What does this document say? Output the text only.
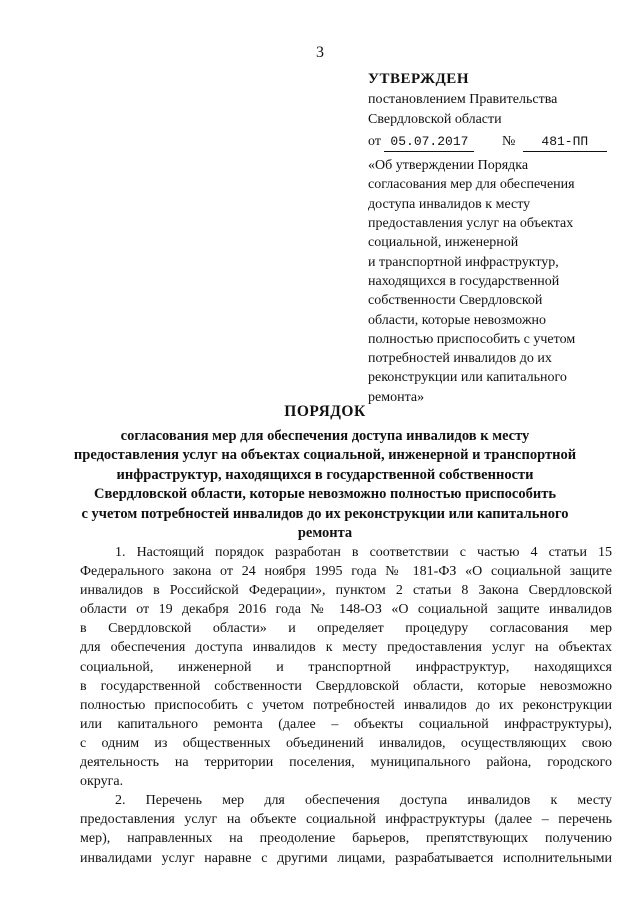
3
УТВЕРЖДЕН
постановлением Правительства
Свердловской области
от 05.07.2017 № 481-ПП
«Об утверждении Порядка
согласования мер для обеспечения
доступа инвалидов к месту
предоставления услуг на объектах
социальной, инженерной
и транспортной инфраструктур,
находящихся в государственной
собственности Свердловской
области, которые невозможно
полностью приспособить с учетом
потребностей инвалидов до их
реконструкции или капитального
ремонта»
ПОРЯДОК
согласования мер для обеспечения доступа инвалидов к месту
предоставления услуг на объектах социальной, инженерной и транспортной
инфраструктур, находящихся в государственной собственности
Свердловской области, которые невозможно полностью приспособить
с учетом потребностей инвалидов до их реконструкции или капитального
ремонта
1. Настоящий порядок разработан в соответствии с частью 4 статьи 15
Федерального закона от 24 ноября 1995 года № 181-ФЗ «О социальной защите
инвалидов в Российской Федерации», пунктом 2 статьи 8 Закона Свердловской
области от 19 декабря 2016 года № 148-ОЗ «О социальной защите инвалидов
в Свердловской области» и определяет процедуру согласования мер
для обеспечения доступа инвалидов к месту предоставления услуг на объектах
социальной, инженерной и транспортной инфраструктур, находящихся
в государственной собственности Свердловской области, которые невозможно
полностью приспособить с учетом потребностей инвалидов до их реконструкции
или капитального ремонта (далее – объекты социальной инфраструктуры),
с одним из общественных объединений инвалидов, осуществляющих свою
деятельность на территории поселения, муниципального района, городского
округа.
2. Перечень мер для обеспечения доступа инвалидов к месту
предоставления услуг на объекте социальной инфраструктуры (далее – перечень
мер), направленных на преодоление барьеров, препятствующих получению
инвалидами услуг наравне с другими лицами, разрабатывается исполнительными
